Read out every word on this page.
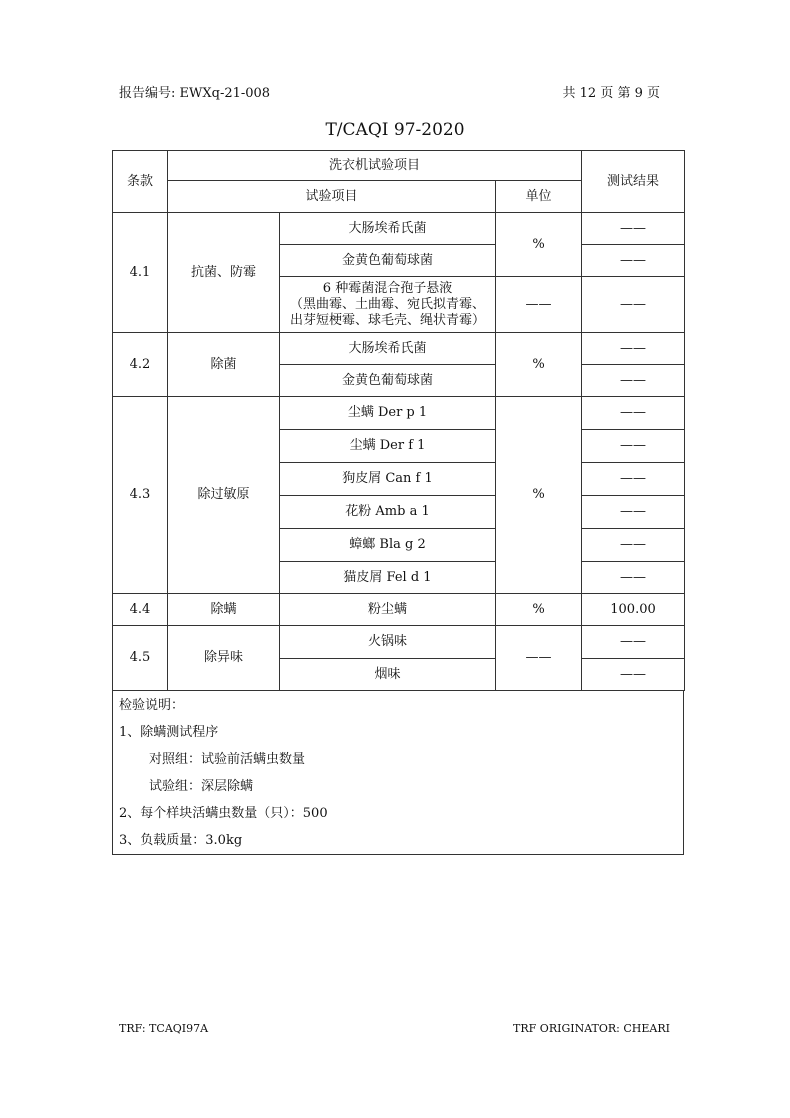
报告编号: EWXq-21-008	共 12 页 第 9 页
T/CAQI 97-2020
条款	洗衣机试验项目			测试结果
	试验项目		单位	
4.1	抗菌、防霉	大肠埃希氏菌	%	——
		金黄色葡萄球菌		——

		6 种霉菌混合孢子悬液
（黑曲霉、土曲霉、宛氏拟青霉、
出芽短梗霉、球毛壳、绳状青霉）	——	——
4.2	除菌	大肠埃希氏菌	%	——
		金黄色葡萄球菌		——
4.3	除过敏原	尘螨 Der p 1	%	——
		尘螨 Der f 1		——
		狗皮屑 Can f 1		——
		花粉 Amb a 1		——
		蟑螂 Bla g 2		——
		猫皮屑 Fel d 1		——
4.4	除螨	粉尘螨	%	100.00
4.5	除异味	火锅味	——	——
		烟味		——
检验说明：
1、除螨测试程序
对照组：试验前活螨虫数量
试验组：深层除螨
2、每个样块活螨虫数量（只）：500
3、负载质量：3.0kg
TRF: TCAQI97A	TRF ORIGINATOR: CHEARI
